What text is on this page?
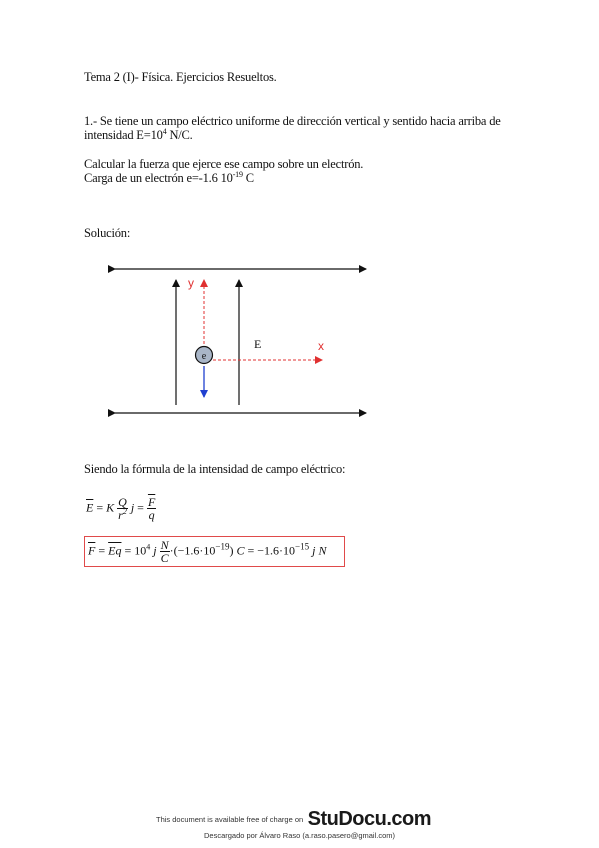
Tema 2 (I)- Física. Ejercicios Resueltos.
1.- Se tiene un campo eléctrico uniforme de dirección vertical y sentido hacia arriba de
intensidad $E=10^4$ N/C.
Calcular la fuerza que ejerce ese campo sobre un electrón.
Carga de un electrón e=-1.6 $10^{-19}$ C
Solución:
e
y
x
E
Siendo la fórmula de la intensidad de campo eléctrico:
$\overline{E} = K \frac{Q}{r^2}$ $j = \frac{\overline{F}}{q}$
$\overline{F} = \overline{Eq} = 10^4$ j $\frac{N}{C} \cdot(-1.6\cdot 10^{-19}) C = -1.6\cdot 10^{-15}$ j N
This document is available free of charge on StuDocu.com
Descargado por Álvaro Raso (a.raso.pasero@gmail.com)
